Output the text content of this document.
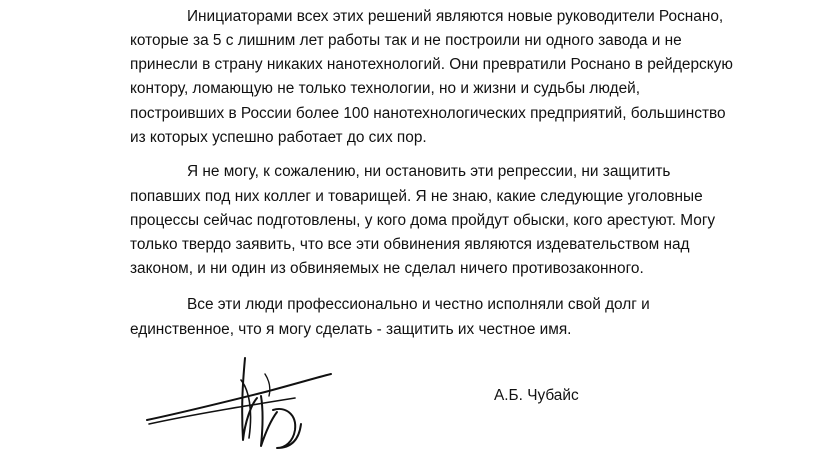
Инициаторами всех этих решений являются новые руководители Роснано,
которые за 5 с лишним лет работы так и не построили ни одного завода и не
принесли в страну никаких нанотехнологий. Они превратили Роснано в рейдерскую
контору, ломающую не только технологии, но и жизни и судьбы людей,
построивших в России более 100 нанотехнологических предприятий, большинство
из которых успешно работает до сих пор.
Я не могу, к сожалению, ни остановить эти репрессии, ни защитить
попавших под них коллег и товарищей. Я не знаю, какие следующие уголовные
процессы сейчас подготовлены, у кого дома пройдут обыски, кого арестуют. Могу
только твердо заявить, что все эти обвинения являются издевательством над
законом, и ни один из обвиняемых не сделал ничего противозаконного.
Все эти люди профессионально и честно исполняли свой долг и
единственное, что я могу сделать - защитить их честное имя.
А.Б. Чубайс
